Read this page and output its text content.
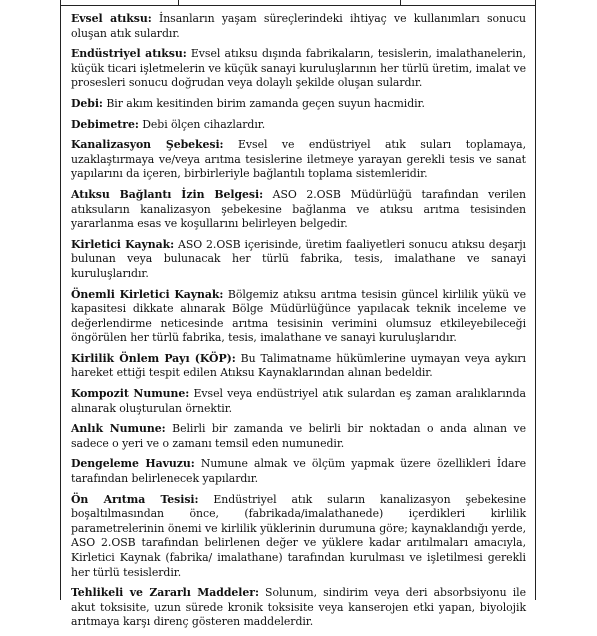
Evsel atıksu: İnsanların yaşam süreçlerindeki ihtiyaç ve kullanımları sonucu oluşan atık sulardır.

Endüstriyel atıksu: Evsel atıksu dışında fabrikaların, tesislerin, imalathanelerin, küçük ticari işletmelerin ve küçük sanayi kuruluşlarının her türlü üretim, imalat ve prosesleri sonucu doğrudan veya dolaylı şekilde oluşan sulardır.

Debi: Bir akım kesitinden birim zamanda geçen suyun hacmidir.

Debimetre: Debi ölçen cihazlardır.

Kanalizasyon Şebekesi: Evsel ve endüstriyel atık suları toplamaya, uzaklaştırmaya ve/veya arıtma tesislerine iletmeye yarayan gerekli tesis ve sanat yapılarını da içeren, birbirleriyle bağlantılı toplama sistemleridir.

Atıksu Bağlantı İzin Belgesi: ASO 2.OSB Müdürlüğü tarafından verilen atıksuların kanalizasyon şebekesine bağlanma ve atıksu arıtma tesisinden yararlanma esas ve koşullarını belirleyen belgedir.

Kirletici Kaynak: ASO 2.OSB içerisinde, üretim faaliyetleri sonucu atıksu deşarjı bulunan veya bulunacak her türlü fabrika, tesis, imalathane ve sanayi kuruluşlarıdır.

Önemli Kirletici Kaynak: Bölgemiz atıksu arıtma tesisin güncel kirlilik yükü ve kapasitesi dikkate alınarak Bölge Müdürlüğünce yapılacak teknik inceleme ve değerlendirme neticesinde arıtma tesisinin verimini olumsuz etkileyebileceği öngörülen her türlü fabrika, tesis, imalathane ve sanayi kuruluşlarıdır.

Kirlilik Önlem Payı (KÖP): Bu Talimatname hükümlerine uymayan veya aykırı hareket ettiği tespit edilen Atıksu Kaynaklarından alınan bedeldir.

Kompozit Numune: Evsel veya endüstriyel atık sulardan eş zaman aralıklarında alınarak oluşturulan örnektir.

Anlık Numune: Belirli bir zamanda ve belirli bir noktadan o anda alınan ve sadece o yeri ve o zamanı temsil eden numunedir.

Dengeleme Havuzu: Numune almak ve ölçüm yapmak üzere özellikleri İdare tarafından belirlenecek yapılardır.

Ön Arıtma Tesisi: Endüstriyel atık suların kanalizasyon şebekesine boşaltılmasından önce, (fabrikada/imalathanede) içerdikleri kirlilik parametrelerinin önemi ve kirlilik yüklerinin durumuna göre; kaynaklandığı yerde, ASO 2.OSB tarafından belirlenen değer ve yüklere kadar arıtılmaları amacıyla, Kirletici Kaynak (fabrika/ imalathane) tarafından kurulması ve işletilmesi gerekli her türlü tesislerdir.

Tehlikeli ve Zararlı Maddeler: Solunum, sindirim veya deri absorbsiyonu ile akut toksisite, uzun sürede kronik toksisite veya kanserojen etki yapan, biyolojik arıtmaya karşı direnç gösteren maddelerdir.
